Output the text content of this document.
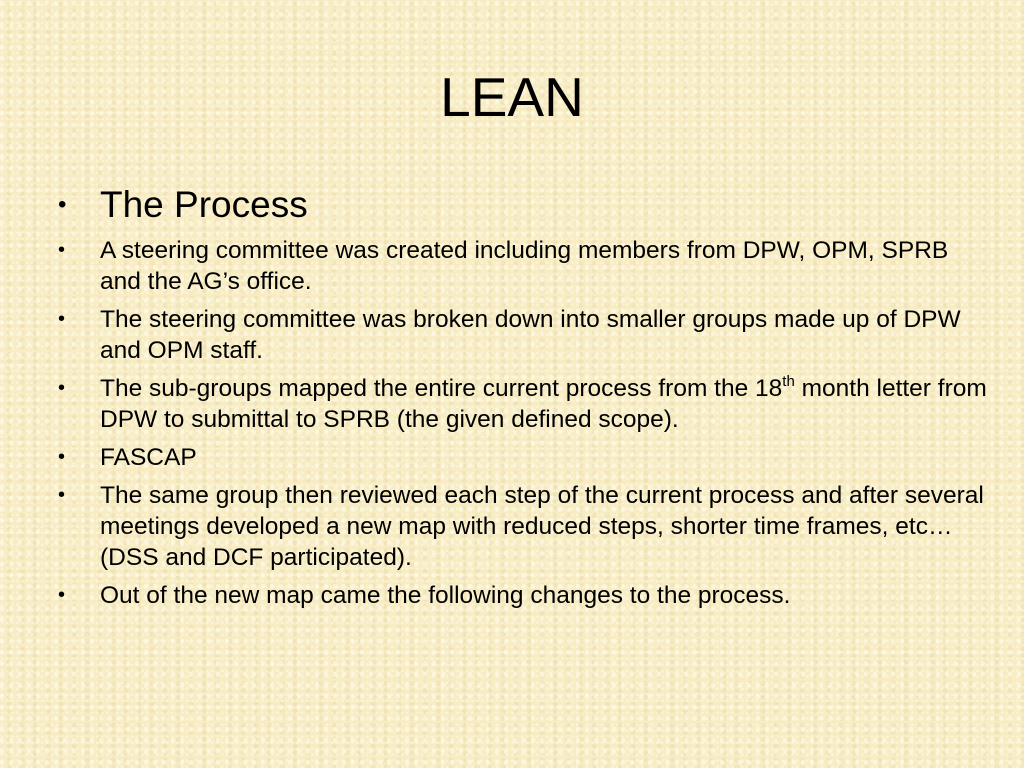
LEAN
• The Process
•	A steering committee was created including members from DPW, OPM, SPRB and the AG’s office.
•	The steering committee was broken down into smaller groups made up of DPW and OPM staff.
•	The sub-groups mapped the entire current process from the 18th month letter from DPW to submittal to SPRB (the given defined scope).
•	FASCAP
•	The same group then reviewed each step of the current process and after several meetings developed a new map with reduced steps, shorter time frames, etc…(DSS and DCF participated).
•	Out of the new map came the following changes to the process.
